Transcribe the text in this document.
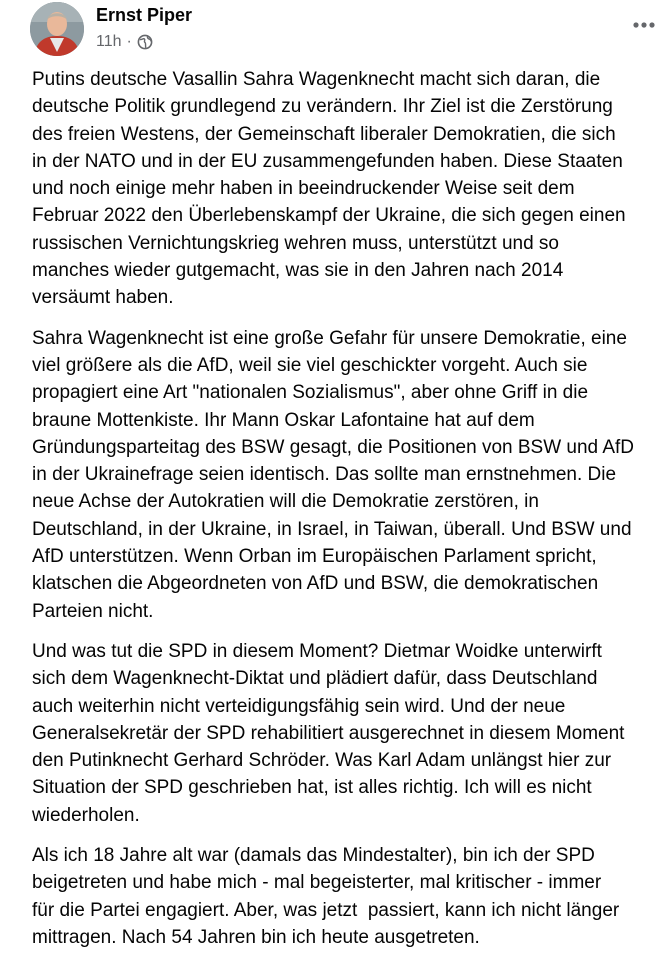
Ernst Piper
11h ·

Putins deutsche Vasallin Sahra Wagenknecht macht sich daran, die
deutsche Politik grundlegend zu verändern. Ihr Ziel ist die Zerstörung
des freien Westens, der Gemeinschaft liberaler Demokratien, die sich
in der NATO und in der EU zusammengefunden haben. Diese Staaten
und noch einige mehr haben in beeindruckender Weise seit dem
Februar 2022 den Überlebenskampf der Ukraine, die sich gegen einen
russischen Vernichtungskrieg wehren muss, unterstützt und so
manches wieder gutgemacht, was sie in den Jahren nach 2014
versäumt haben.

Sahra Wagenknecht ist eine große Gefahr für unsere Demokratie, eine
viel größere als die AfD, weil sie viel geschickter vorgeht. Auch sie
propagiert eine Art "nationalen Sozialismus", aber ohne Griff in die
braune Mottenkiste. Ihr Mann Oskar Lafontaine hat auf dem
Gründungsparteitag des BSW gesagt, die Positionen von BSW und AfD
in der Ukrainefrage seien identisch. Das sollte man ernstnehmen. Die
neue Achse der Autokratien will die Demokratie zerstören, in
Deutschland, in der Ukraine, in Israel, in Taiwan, überall. Und BSW und
AfD unterstützen. Wenn Orban im Europäischen Parlament spricht,
klatschen die Abgeordneten von AfD und BSW, die demokratischen
Parteien nicht.

Und was tut die SPD in diesem Moment? Dietmar Woidke unterwirft
sich dem Wagenknecht-Diktat und plädiert dafür, dass Deutschland
auch weiterhin nicht verteidigungsfähig sein wird. Und der neue
Generalsekretär der SPD rehabilitiert ausgerechnet in diesem Moment
den Putinknecht Gerhard Schröder. Was Karl Adam unlängst hier zur
Situation der SPD geschrieben hat, ist alles richtig. Ich will es nicht
wiederholen.

Als ich 18 Jahre alt war (damals das Mindestalter), bin ich der SPD
beigetreten und habe mich - mal begeisterter, mal kritischer - immer
für die Partei engagiert. Aber, was jetzt  passiert, kann ich nicht länger
mittragen. Nach 54 Jahren bin ich heute ausgetreten.
